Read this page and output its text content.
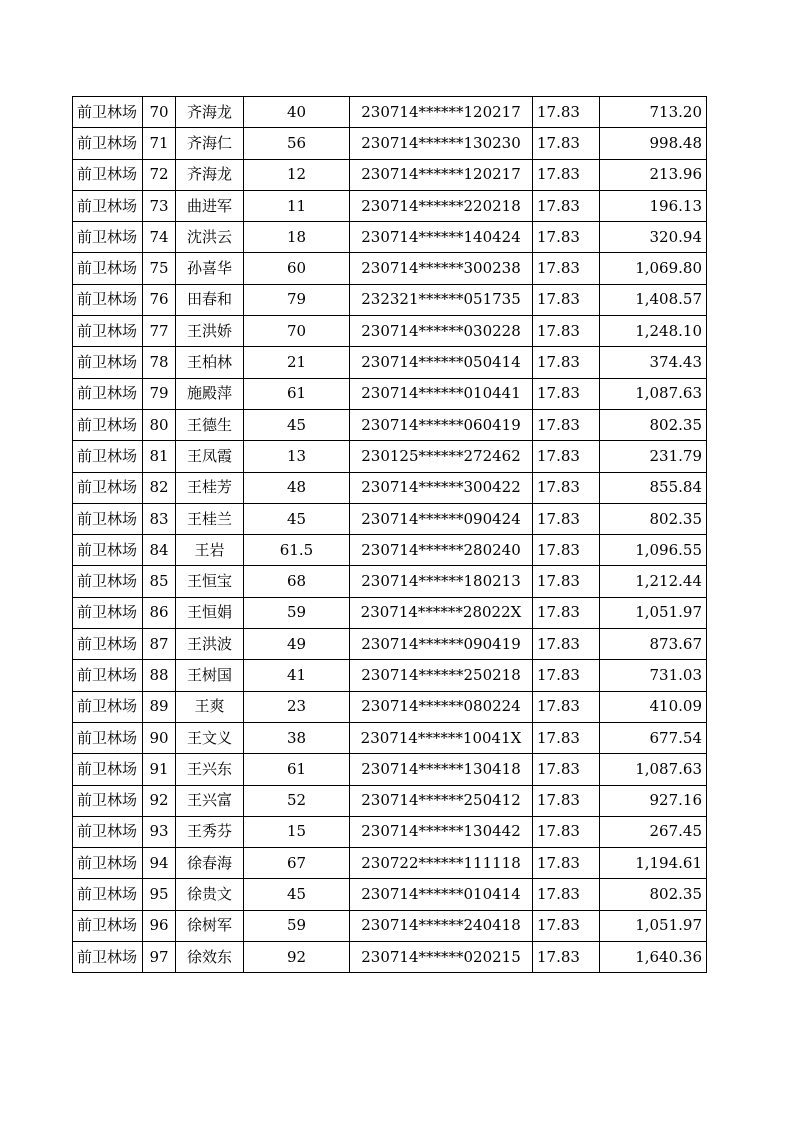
前卫林场	70	齐海龙	40	230714******120217	17.83	713.20
前卫林场	71	齐海仁	56	230714******130230	17.83	998.48
前卫林场	72	齐海龙	12	230714******120217	17.83	213.96
前卫林场	73	曲进军	11	230714******220218	17.83	196.13
前卫林场	74	沈洪云	18	230714******140424	17.83	320.94
前卫林场	75	孙喜华	60	230714******300238	17.83	1,069.80
前卫林场	76	田春和	79	232321******051735	17.83	1,408.57
前卫林场	77	王洪娇	70	230714******030228	17.83	1,248.10
前卫林场	78	王柏林	21	230714******050414	17.83	374.43
前卫林场	79	施殿萍	61	230714******010441	17.83	1,087.63
前卫林场	80	王德生	45	230714******060419	17.83	802.35
前卫林场	81	王凤霞	13	230125******272462	17.83	231.79
前卫林场	82	王桂芳	48	230714******300422	17.83	855.84
前卫林场	83	王桂兰	45	230714******090424	17.83	802.35
前卫林场	84	王岩	61.5	230714******280240	17.83	1,096.55
前卫林场	85	王恒宝	68	230714******180213	17.83	1,212.44
前卫林场	86	王恒娟	59	230714******28022X	17.83	1,051.97
前卫林场	87	王洪波	49	230714******090419	17.83	873.67
前卫林场	88	王树国	41	230714******250218	17.83	731.03
前卫林场	89	王爽	23	230714******080224	17.83	410.09
前卫林场	90	王文义	38	230714******10041X	17.83	677.54
前卫林场	91	王兴东	61	230714******130418	17.83	1,087.63
前卫林场	92	王兴富	52	230714******250412	17.83	927.16
前卫林场	93	王秀芬	15	230714******130442	17.83	267.45
前卫林场	94	徐春海	67	230722******111118	17.83	1,194.61
前卫林场	95	徐贵文	45	230714******010414	17.83	802.35
前卫林场	96	徐树军	59	230714******240418	17.83	1,051.97
前卫林场	97	徐效东	92	230714******020215	17.83	1,640.36
